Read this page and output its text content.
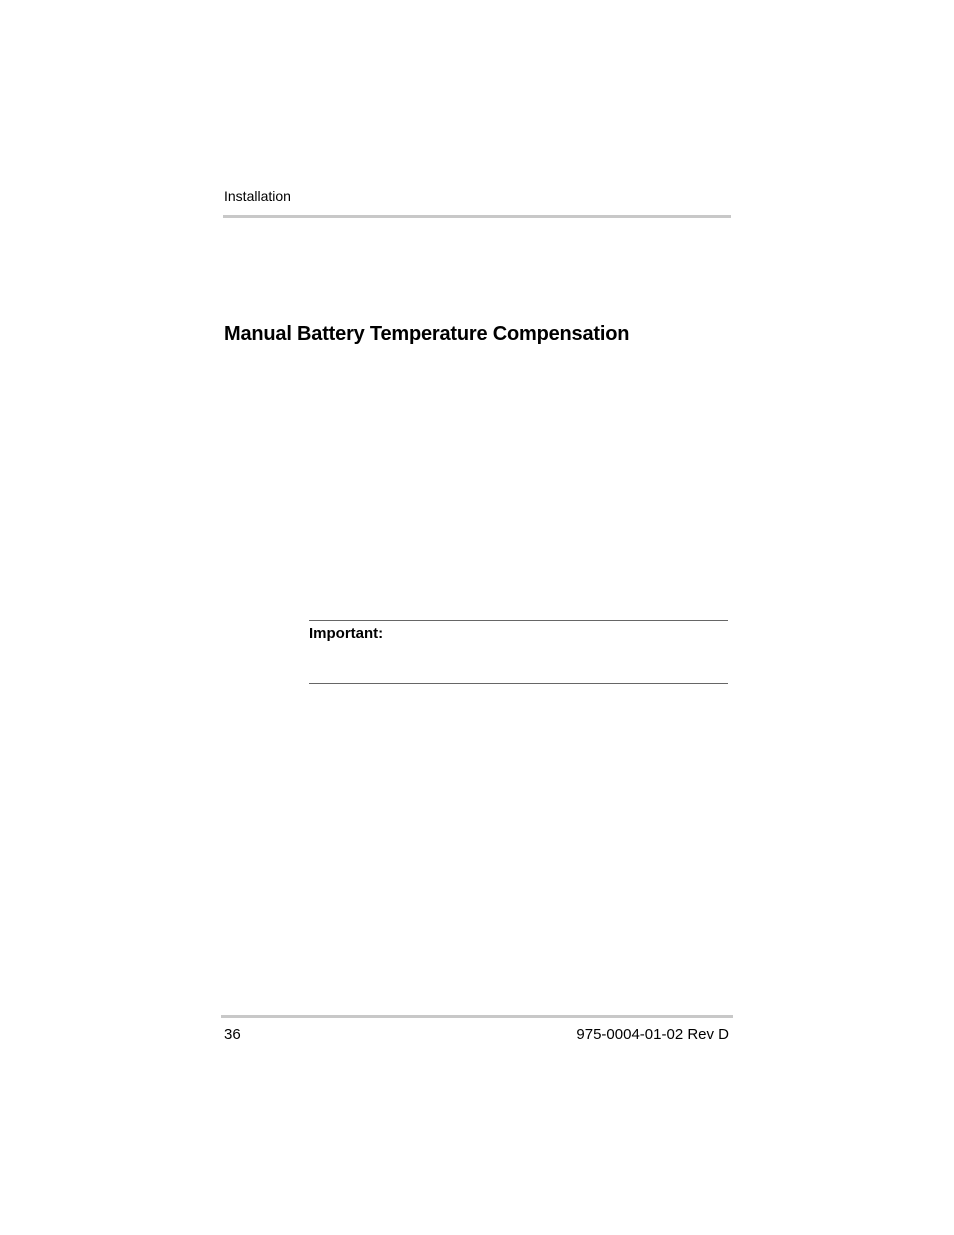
Installation
Manual Battery Temperature Compensation
Important:
36	975-0004-01-02 Rev D
